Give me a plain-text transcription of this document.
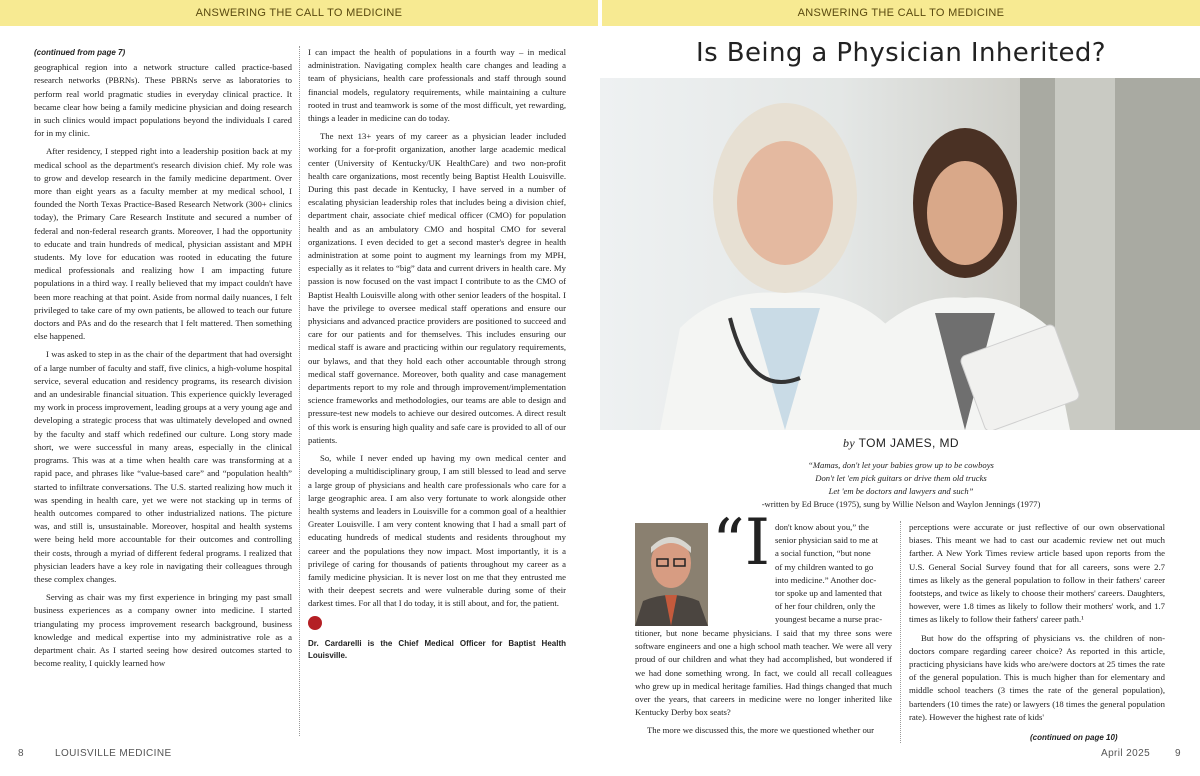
ANSWERING THE CALL TO MEDICINE	ANSWERING THE CALL TO MEDICINE
(continued from page 7)

geographical region into a network structure called practice-based research networks (PBRNs). These PBRNs serve as laboratories to perform real world pragmatic studies in everyday clinical practice. It became clear how being a family medicine physician and doing research in such clinics would impact populations beyond the individuals I cared for in my clinic.

After residency, I stepped right into a leadership position back at my medical school as the department's research division chief. My role was to grow and develop research in the family medicine department. Over more than eight years as a faculty member at my medical school, I founded the North Texas Practice-Based Research Network (300+ clinics today), the Primary Care Research Institute and secured a number of federal and non-federal research grants. Moreover, I had the opportunity to educate and train hundreds of medical, physician assistant and MPH students. My love for education was rooted in educating the future medical professionals and realizing how I am impacting future populations in a third way. I really believed that my impact couldn't have been more reaching at that point. Aside from normal daily nuances, I felt privileged to take care of my own patients, be allowed to teach our future doctors and PAs and do the research that I felt mattered. Then something else happened.

I was asked to step in as the chair of the department that had oversight of a large number of faculty and staff, five clinics, a high-volume hospital service, several education and residency programs, its research division and an undesirable financial situation. This experience quickly leveraged my work in process improvement, leading groups at a very young age and developing a strategic process that was ultimately developed and owned by the faculty and staff which redefined our culture. Long story made short, we were successful in many areas, especially in the clinical programs. This was at a time when health care was transforming at a rapid pace, and phrases like “value-based care” and “population health” started to infiltrate conversations. The U.S. started realizing how much it was spending in health care, yet we were not stacking up in terms of health outcomes compared to other industrialized nations. The picture was, and still is, unsustainable. Moreover, hospital and health systems were being held more accountable for their outcomes and controlling their costs, through a myriad of different federal programs. I realized that physician leaders have a key role in navigating their colleagues through these complex changes.

Serving as chair was my first experience in bringing my past small business experiences as a company owner into medicine. I started triangulating my process improvement research background, business knowledge and medical expertise into my administrative role as a department chair. As I started seeing how desired outcomes started to become reality, I quickly learned how

I can impact the health of populations in a fourth way – in medical administration. Navigating complex health care changes and leading a team of physicians, health care professionals and staff through sound financial models, regulatory requirements, while maintaining a culture rooted in trust and teamwork is some of the most difficult, yet rewarding, things a leader in medicine can do today.

The next 13+ years of my career as a physician leader included working for a for-profit organization, another large academic medical center (University of Kentucky/UK HealthCare) and two non-profit health care organizations, most recently being Baptist Health Louisville. During this past decade in Kentucky, I have served in a number of escalating physician leadership roles that includes being a division chief, department chair, associate chief medical officer (CMO) for population health and as an ambulatory CMO and hospital CMO for several organizations. I even decided to get a second master's degree in health administration at some point to augment my learnings from my MPH, especially as it relates to “big” data and current drivers in health care. My passion is now focused on the vast impact I contribute to as the CMO of Baptist Health Louisville along with other senior leaders of the hospital. I have the privilege to oversee medical staff operations and ensure our physicians and advanced practice providers are positioned to succeed and care for our patients and for themselves. This includes ensuring our medical staff is aware and practicing within our regulatory requirements, our bylaws, and that they hold each other accountable through strong medical staff governance. Moreover, both quality and case management departments report to my role and through improvement/implementation science frameworks and methodologies, our teams are able to design and pressure-test new models to achieve our desired outcomes. A direct result of this work is ensuring high quality and safe care is provided to all of our patients.

So, while I never ended up having my own medical center and developing a multidisciplinary group, I am still blessed to lead and serve a large group of physicians and health care professionals who care for a large geographic area. I am also very fortunate to work alongside other health systems and leaders in Louisville for a common goal of a healthier Greater Louisville. I am very content knowing that I had a small part of educating hundreds of medical students and residents throughout my career and the populations they now impact. Most importantly, it is a privilege of caring for thousands of patients throughout my career as a family medicine physician. It is never lost on me that they entrusted me with their deepest secrets and were vulnerable during some of their darkest times. For all that I do today, it is still about, and for, the patient.

Dr. Cardarelli is the Chief Medical Officer for Baptist Health Louisville.

Is Being a Physician Inherited?
by TOM JAMES, MD
“Mamas, don't let your babies grow up to be cowboys
Don't let 'em pick guitars or drive them old trucks
Let 'em be doctors and lawyers and such”
-written by Ed Bruce (1975), sung by Willie Nelson and Waylon Jennings (1977)
“I don't know about you,” the
senior physician said to me at
a social function, “but none
of my children wanted to go
into medicine.” Another doc-
tor spoke up and lamented that
of her four children, only the
youngest became a nurse prac-

titioner, but none became physicians. I said that my three sons were software engineers and one a high school math teacher. We were all very proud of our children and what they had accomplished, but wondered if we had done something wrong. In fact, we could all recall colleagues who grew up in medical heritage families. Had things changed that much over the years, that careers in medicine were no longer inherited like Kentucky Derby box seats?

The more we discussed this, the more we questioned whether our

perceptions were accurate or just reflective of our own observational biases. This meant we had to cast our academic review net out much farther. A New York Times review article based upon reports from the U.S. General Social Survey found that for all careers, sons were 2.7 times as likely as the general population to follow in their fathers' career footsteps, and twice as likely to choose their mothers' careers. Daughters, however, were 1.8 times as likely to follow their mothers' work, and 1.7 times as likely to follow their fathers' career path.¹

But how do the offspring of physicians vs. the children of non-doctors compare regarding career choice? As reported in this article, practicing physicians have kids who are/were doctors at 25 times the rate of the general population. This is much higher than for elementary and middle school teachers (3 times the rate of the general population), bartenders (10 times the rate) or lawyers (18 times the general population rate). However the highest rate of kids'

(continued on page 10)
8	LOUISVILLE MEDICINE	April 2025 9
